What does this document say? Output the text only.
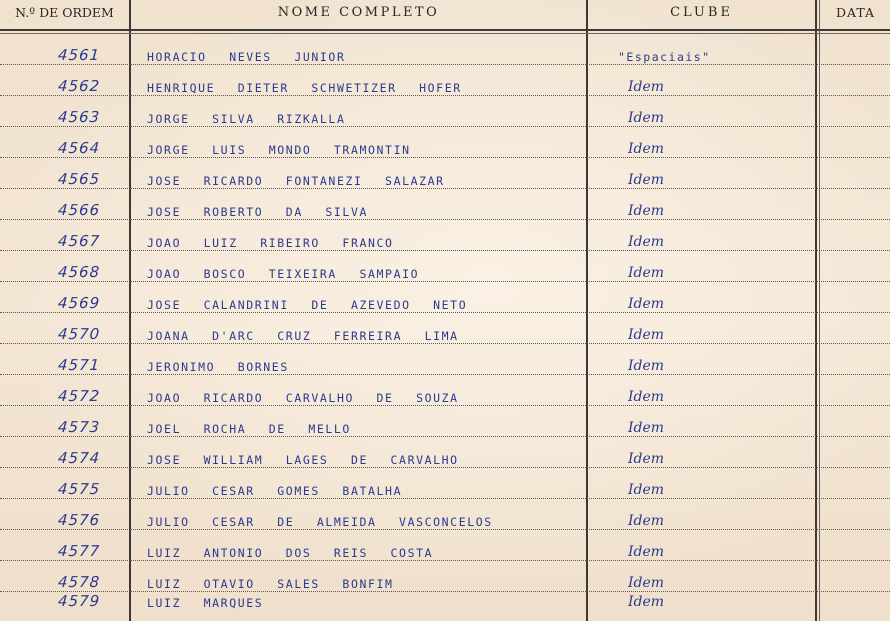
N.º DE ORDEM	NOME COMPLETO	CLUBE	DATA
4561	HORACIO NEVES JUNIOR	"Espaciais"
4562	HENRIQUE DIETER SCHWETIZER HOFER	Idem
4563	JORGE SILVA RIZKALLA	Idem
4564	JORGE LUIS MONDO TRAMONTIN	Idem
4565	JOSE RICARDO FONTANEZI SALAZAR	Idem
4566	JOSE ROBERTO DA SILVA	Idem
4567	JOAO LUIZ RIBEIRO FRANCO	Idem
4568	JOAO BOSCO TEIXEIRA SAMPAIO	Idem
4569	JOSE CALANDRINI DE AZEVEDO NETO	Idem
4570	JOANA D'ARC CRUZ FERREIRA LIMA	Idem
4571	JERONIMO BORNES	Idem
4572	JOAO RICARDO CARVALHO DE SOUZA	Idem
4573	JOEL ROCHA DE MELLO	Idem
4574	JOSE WILLIAM LAGES DE CARVALHO	Idem
4575	JULIO CESAR GOMES BATALHA	Idem
4576	JULIO CESAR DE ALMEIDA VASCONCELOS	Idem
4577	LUIZ ANTONIO DOS REIS COSTA	Idem
4578	LUIZ OTAVIO SALES BONFIM	Idem
4579	LUIZ MARQUES	Idem
